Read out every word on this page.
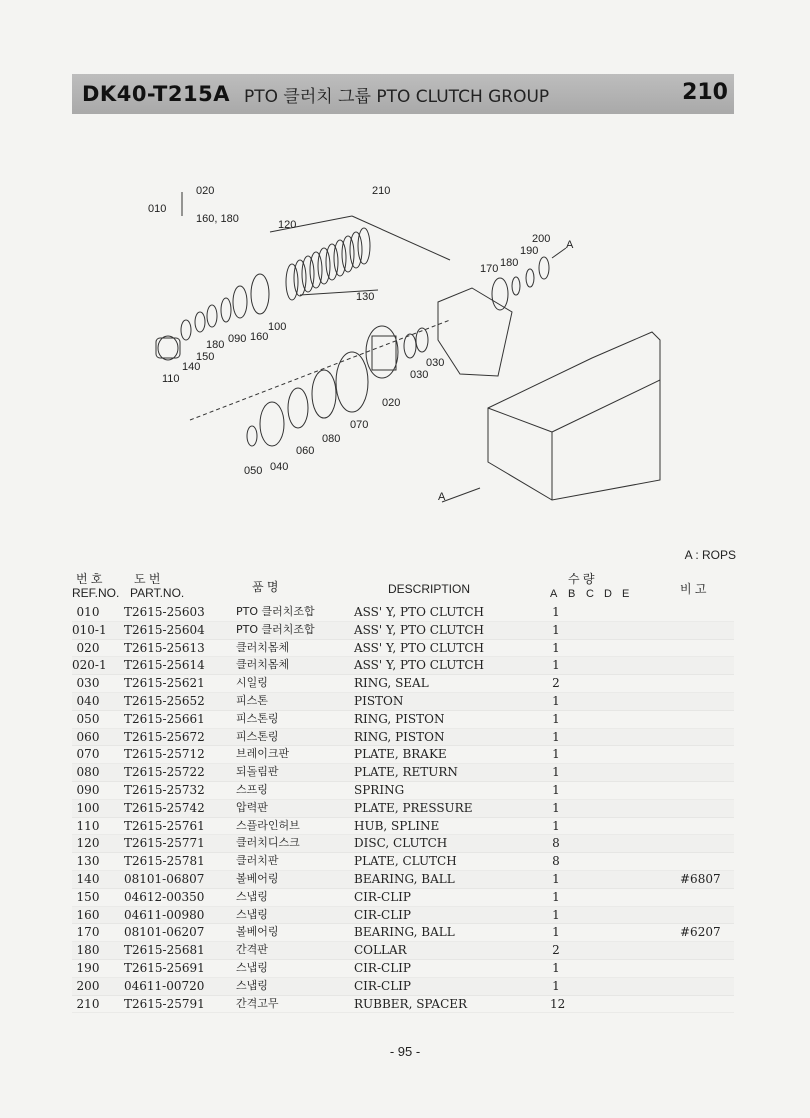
DK40-T215A PTO 클러치 그룹 PTO CLUTCH GROUP	210
010
020
160, 180
210
120
130
200
190
180
170
A
100
180 090 160
150
140
110
030
030
020
070
080
060
050 040
A
A : ROPS
번 호
REF.NO.
도 번
PART.NO.	품 명	DESCRIPTION
수 량
A B C D E	비 고
010	T2615-25603	PTO 클러치조합	ASS' Y, PTO CLUTCH	1
010-1 T2615-25604	PTO 클러치조합	ASS' Y, PTO CLUTCH	1
020	T2615-25613	클러치몸체	ASS' Y, PTO CLUTCH	1
020-1 T2615-25614	클러치몸체	ASS' Y, PTO CLUTCH	1
030	T2615-25621	시일링	RING, SEAL	2
040	T2615-25652	피스톤	PISTON	1
050	T2615-25661	피스톤링	RING, PISTON	1
060	T2615-25672	피스톤링	RING, PISTON	1
070	T2615-25712	브레이크판	PLATE, BRAKE	1
080	T2615-25722	되돌림판	PLATE, RETURN	1
090	T2615-25732	스프링	SPRING	1
100	T2615-25742	압력판	PLATE, PRESSURE	1
110	T2615-25761	스플라인허브	HUB, SPLINE	1
120	T2615-25771	클러치디스크	DISC, CLUTCH	8
130	T2615-25781	클러치판	PLATE, CLUTCH	8
140	08101-06807	볼베어링	BEARING, BALL	1	#6807
150	04612-00350	스냅링	CIR-CLIP	1
160	04611-00980	스냅링	CIR-CLIP	1
170	08101-06207	볼베어링	BEARING, BALL	1	#6207
180	T2615-25681	간격판	COLLAR	2
190	T2615-25691	스냅링	CIR-CLIP	1
200	04611-00720	스냅링	CIR-CLIP	1
210	T2615-25791	간격고무	RUBBER, SPACER	12
- 95 -
